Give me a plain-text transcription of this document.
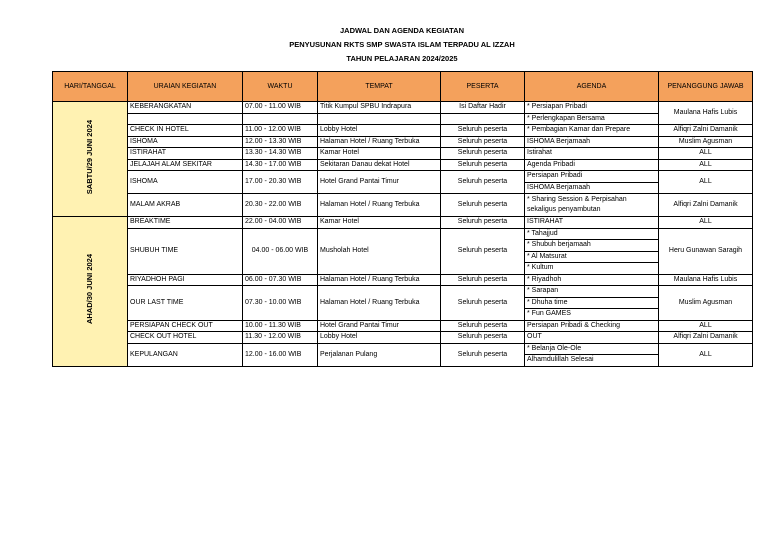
JADWAL DAN AGENDA KEGIATAN
PENYUSUNAN RKTS SMP SWASTA ISLAM TERPADU AL IZZAH
TAHUN PELAJARAN 2024/2025
HARI/TANGGAL	URAIAN KEGIATAN	WAKTU	TEMPAT	PESERTA	AGENDA	PENANGGUNG JAWAB
SABTU/29 JUNI 2024	KEBERANGKATAN	07.00 - 11.00 WIB	Titik Kumpul SPBU Indrapura	Isi Daftar Hadir	* Persiapan Pribadi	Maulana Hafis Lubis
					* Perlengkapan Bersama	
	CHECK IN HOTEL	11.00 - 12.00 WIB	Lobby Hotel	Seluruh peserta	* Pembagian Kamar dan Prepare	Alfiqri Zalni Damanik
	ISHOMA	12.00 - 13.30 WIB	Halaman Hotel / Ruang Terbuka	Seluruh peserta	ISHOMA Berjamaah	Muslim Agusman
	ISTIRAHAT	13.30 - 14.30 WIB	Kamar Hotel	Seluruh peserta	Istirahat	ALL
	JELAJAH ALAM SEKITAR	14.30 - 17.00 WIB	Sekitaran Danau dekat Hotel	Seluruh peserta	Agenda Pribadi	ALL
	ISHOMA	17.00 - 20.30 WIB	Hotel Grand Pantai Timur	Seluruh peserta	Persiapan Pribadi	ALL
					ISHOMA Berjamaah	
	MALAM AKRAB	20.30 - 22.00 WIB	Halaman Hotel / Ruang Terbuka	Seluruh peserta	* Sharing Session & Perpisahan sekaligus penyambutan	Alfiqri Zalni Damanik
AHAD/30 JUNI 2024	BREAKTIME	22.00 - 04.00 WIB	Kamar Hotel	Seluruh peserta	ISTIRAHAT	ALL
	SHUBUH TIME	04.00 - 06.00 WIB	Musholah Hotel	Seluruh peserta	* Tahajjud	Heru Gunawan Saragih
					* Shubuh berjamaah	
					* Al Matsurat	
					* Kultum	
	RIYADHOH PAGI	06.00 - 07.30 WIB	Halaman Hotel / Ruang Terbuka	Seluruh peserta	* Riyadhoh	Maulana Hafis Lubis
	OUR LAST TIME	07.30 - 10.00 WIB	Halaman Hotel / Ruang Terbuka	Seluruh peserta	* Sarapan	Muslim Agusman
					* Dhuha time	
					* Fun GAMES	
	PERSIAPAN CHECK OUT	10.00 - 11.30 WIB	Hotel Grand Pantai Timur	Seluruh peserta	Persiapan Pribadi & Checking	ALL
	CHECK OUT HOTEL	11.30 - 12.00 WIB	Lobby Hotel	Seluruh peserta	OUT	Alfiqri Zalni Damanik
	KEPULANGAN	12.00 - 16.00 WIB	Perjalanan Pulang	Seluruh peserta	* Belanja Ole-Ole	ALL
					Alhamdulillah Selesai	
